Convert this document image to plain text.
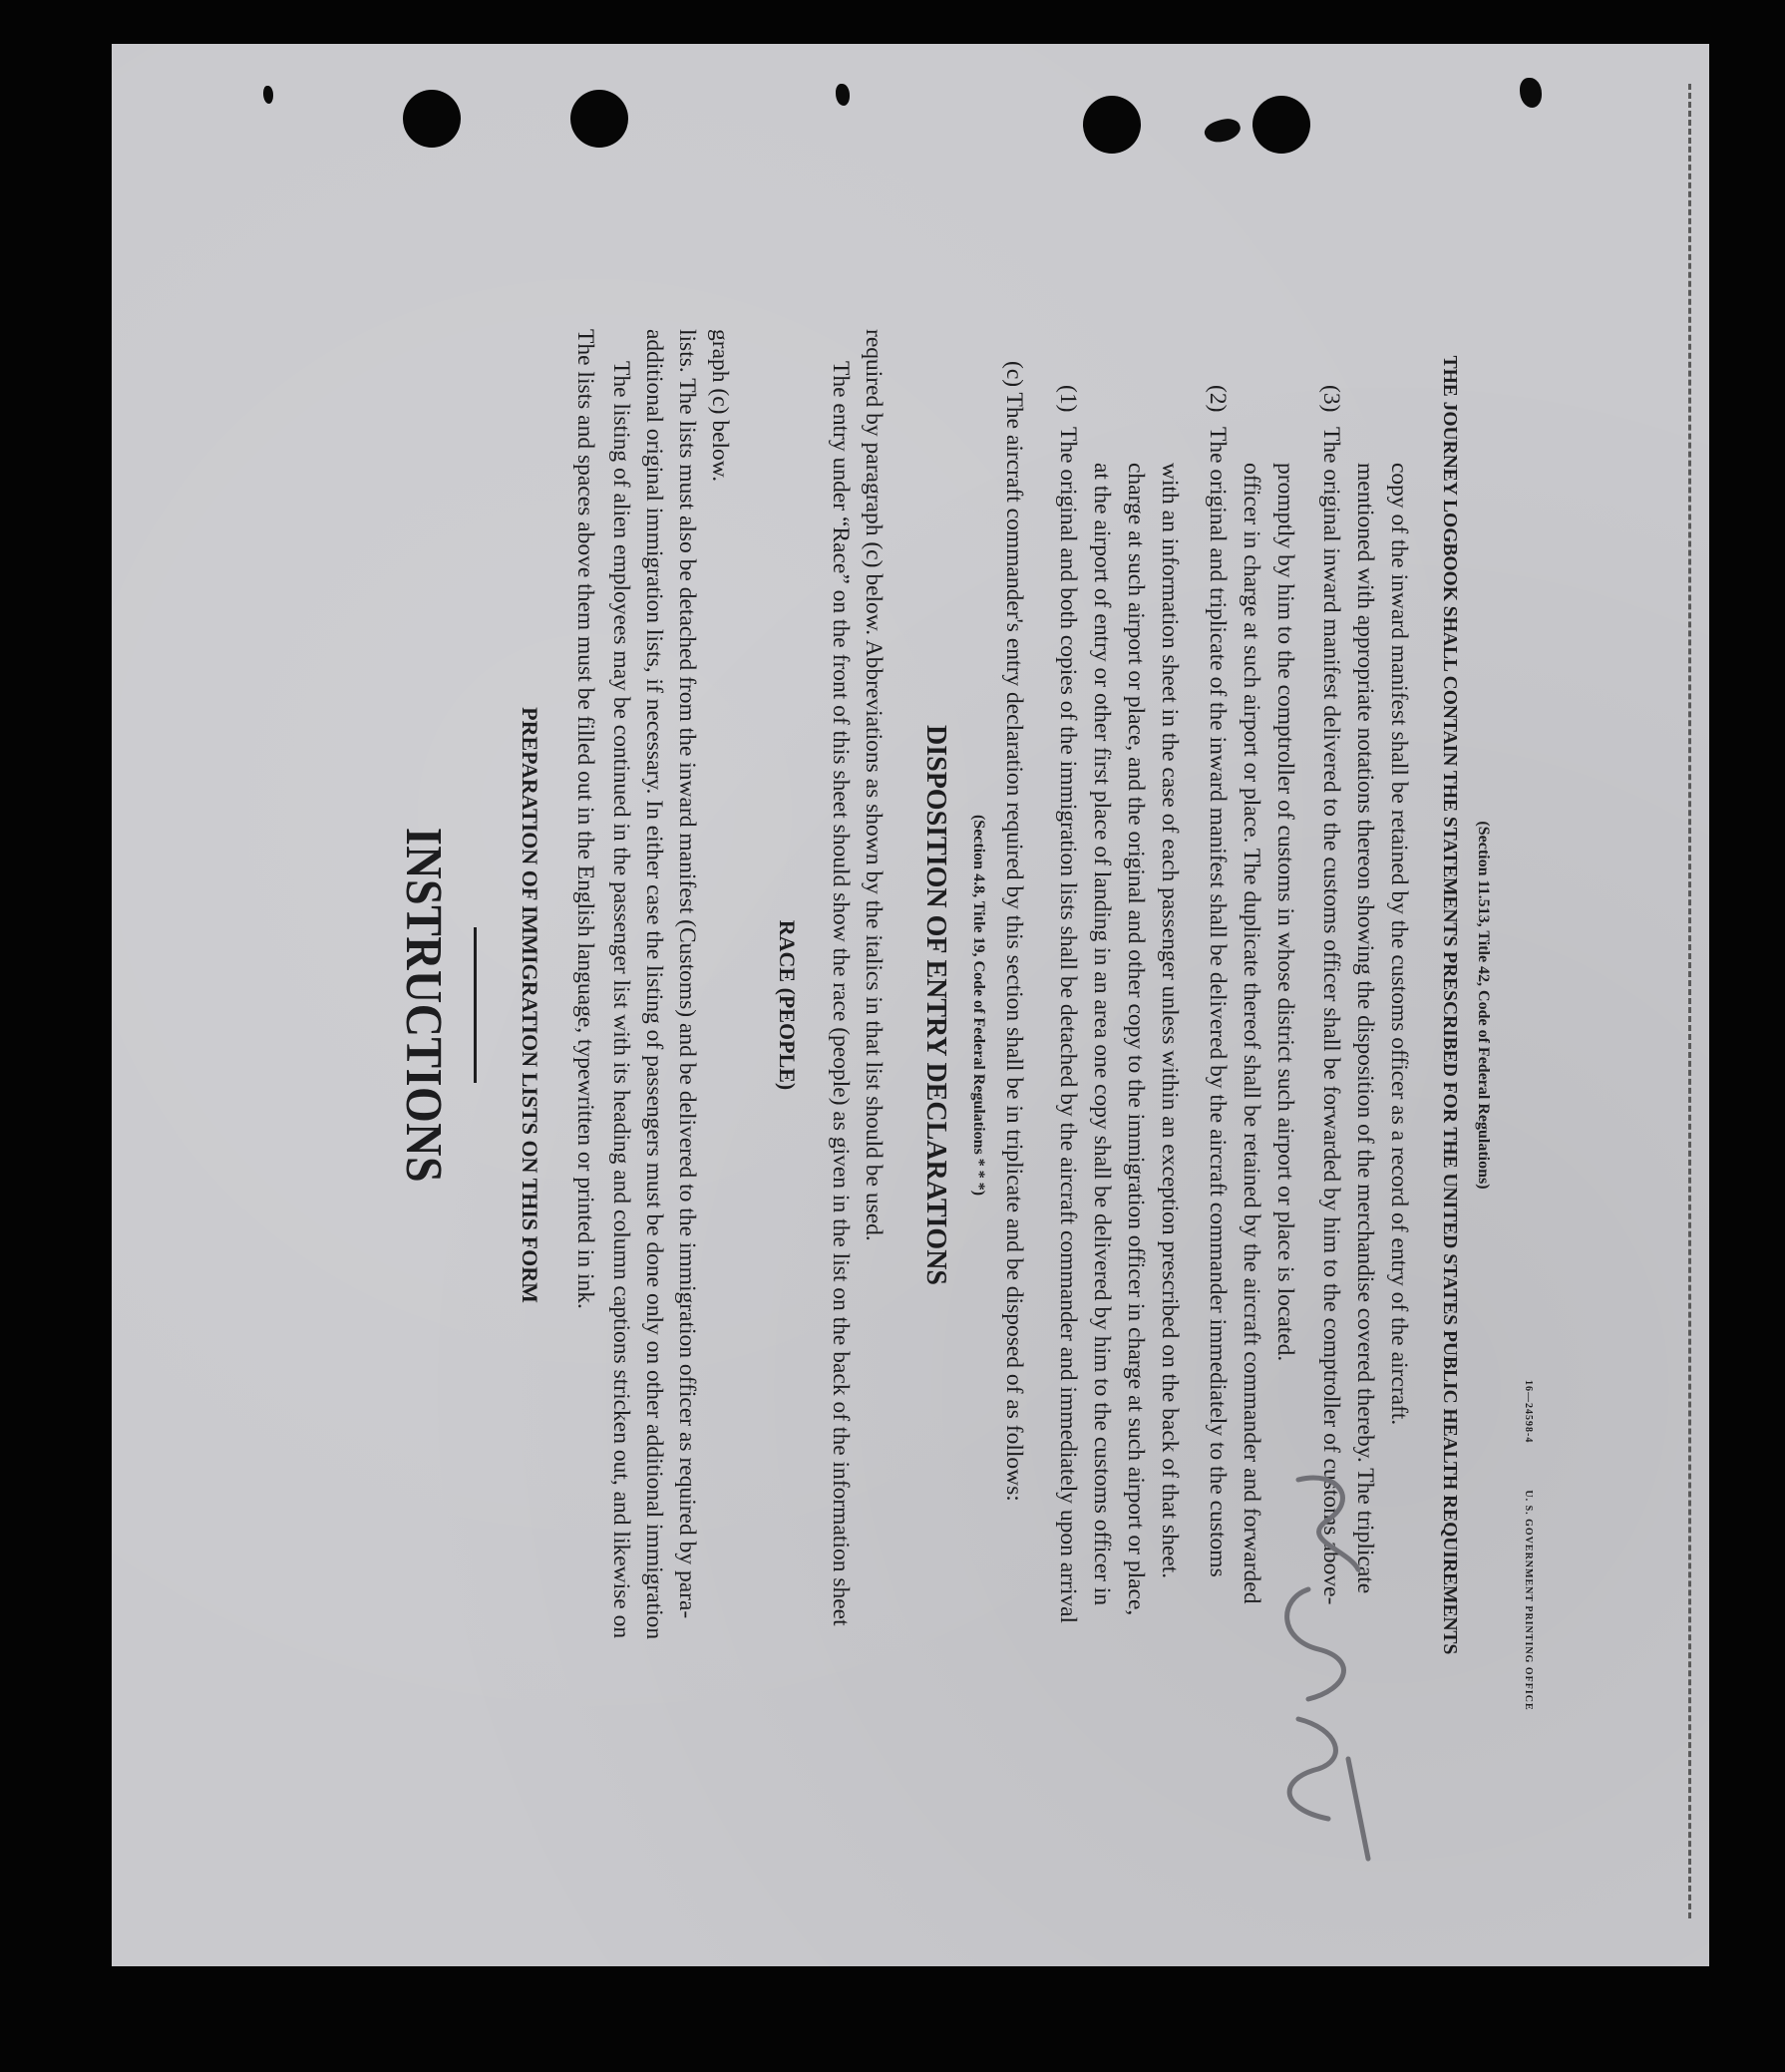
INSTRUCTIONS	PREPARATION OF IMMIGRATION LISTS ON THIS FORM The lists and spaces above them must be filled out in the English language, typewritten or printed in ink. The listing of alien employees may be continued in the passenger list with its heading and column captions stricken out, and likewise on additional original immigration lists, if necessary. In either case the listing of passengers must be done only on other additional immigration lists. The lists must also be detached from the inward manifest (Customs) and be delivered to the immigration officer as required by para- graph (c) below.
RACE (PEOPLE) The entry under “Race” on the front of this sheet should show the race (people) as given in the list on the back of the information sheet required by paragraph (c) below. Abbreviations as shown by the italics in that list should be used. DISPOSITION OF ENTRY DECLARATIONS (Section 4.8, Title 19, Code of Federal Regulations * * *) (c) The aircraft commander's entry declaration required by this section shall be in triplicate and be disposed of as follows: (1)
The original and both copies of the immigration lists shall be detached by the aircraft commander and immediately upon arrival at the airport of entry or other first place of landing in an area one copy shall be delivered by him to the customs officer in charge at such airport or place, and the original and other copy to the immigration officer in charge at such airport or place, with an information sheet in the case of each passenger unless within an exception prescribed on the back of that sheet.
(2)
The original and triplicate of the inward manifest shall be delivered by the aircraft commander immediately to the customs officer in charge at such airport or place. The duplicate thereof shall be retained by the aircraft commander and forwarded promptly by him to the comptroller of customs in whose district such airport or place is located.
(3)
The original inward manifest delivered to the customs officer shall be forwarded by him to the comptroller of customs above- mentioned with appropriate notations thereon showing the disposition of the merchandise covered thereby. The triplicate copy of the inward manifest shall be retained by the customs officer as a record of entry of the aircraft. THE JOURNEY LOGBOOK SHALL CONTAIN THE STATEMENTS PRESCRIBED FOR THE UNITED STATES PUBLIC HEALTH REQUIREMENTS (Section 11.513, Title 42, Code of Federal Regulations)
16—24598-4  U. S. GOVERNMENT PRINTING OFFICE
